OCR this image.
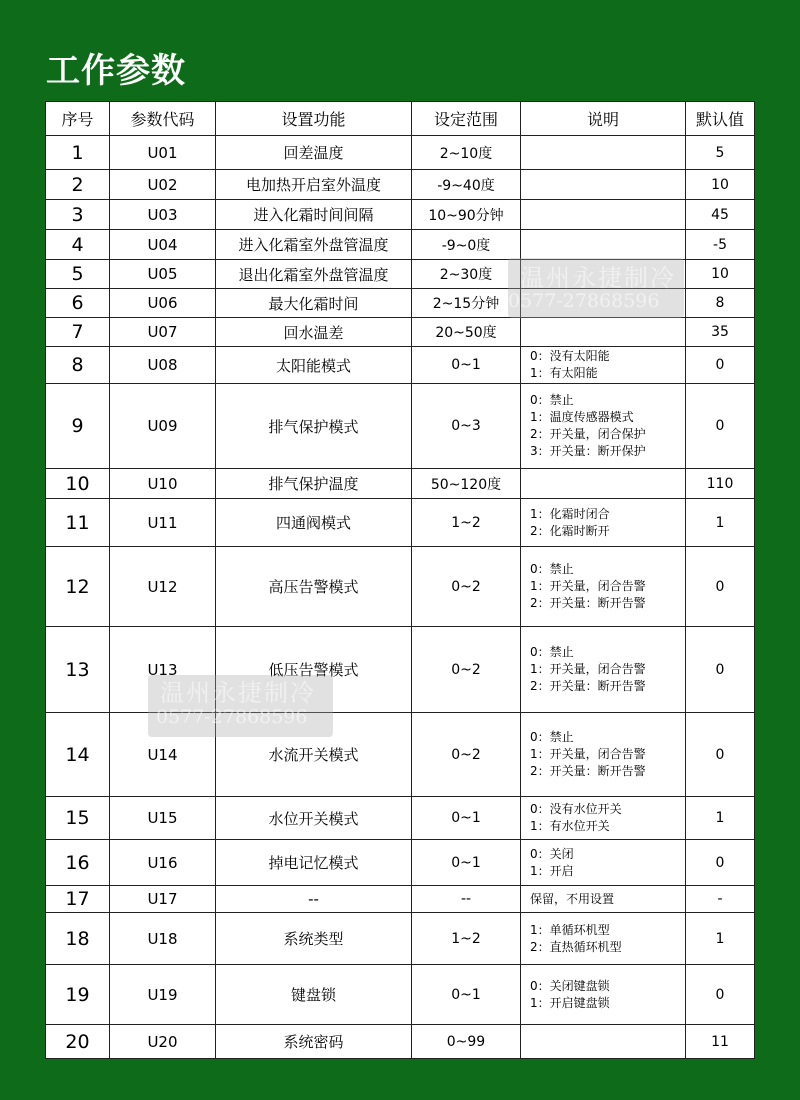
工作参数
序号	参数代码	设置功能	设定范围	说明	默认值
1	U01	回差温度	2~10度		5
2	U02	电加热开启室外温度	-9~40度		10
3	U03	进入化霜时间间隔	10~90分钟		45
4	U04	进入化霜室外盘管温度	-9~0度		-5
5	U05	退出化霜室外盘管温度	2~30度		10
6	U06	最大化霜时间	2~15分钟		8
7	U07	回水温差	20~50度		35
8	U08	太阳能模式	0~1	0：没有太阳能
1：有太阳能	0
9	U09	排气保护模式	0~3	0：禁止
1：温度传感器模式
2：开关量，闭合保护
3：开关量：断开保护	0
10	U10	排气保护温度	50~120度		110
11	U11	四通阀模式	1~2	1：化霜时闭合
2：化霜时断开	1
12	U12	高压告警模式	0~2	0：禁止
1：开关量，闭合告警
2：开关量：断开告警	0
13	U13	低压告警模式	0~2	0：禁止
1：开关量，闭合告警
2：开关量：断开告警	0
14	U14	水流开关模式	0~2	0：禁止
1：开关量，闭合告警
2：开关量：断开告警	0
15	U15	水位开关模式	0~1	0：没有水位开关
1：有水位开关	1
16	U16	掉电记忆模式	0~1	0：关闭
1：开启	0
17	U17	--	--	保留，不用设置	-
18	U18	系统类型	1~2	1：单循环机型
2：直热循环机型	1
19	U19	键盘锁	0~1	0：关闭键盘锁
1：开启键盘锁	0
20	U20	系统密码	0~99		11
温州永捷制冷
0577-27868596
温州永捷制冷
0577-27868596
